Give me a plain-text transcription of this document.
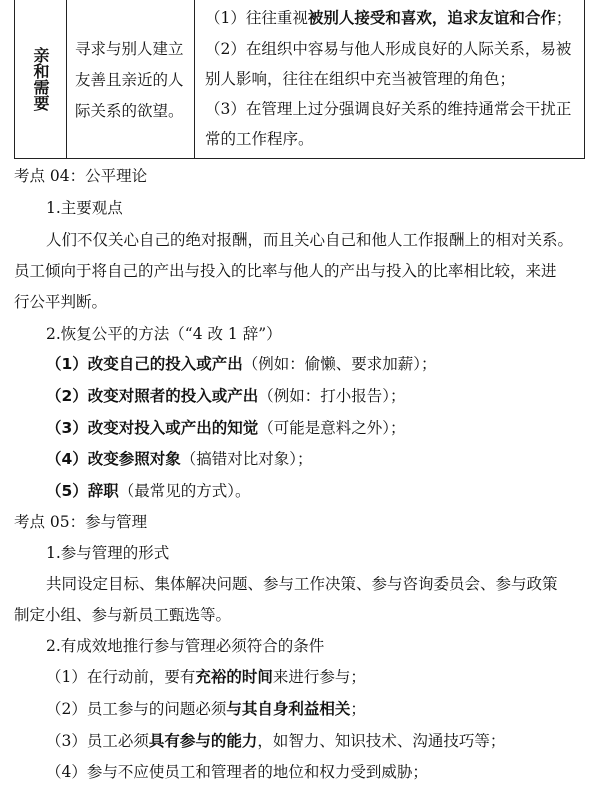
亲和需要 寻求与别人建立
友善且亲近的人
际关系的欲望。
（1）往往重视被别人接受和喜欢，追求友谊和合作；
（2）在组织中容易与他人形成良好的人际关系，易被
别人影响，往往在组织中充当被管理的角色；
（3）在管理上过分强调良好关系的维持通常会干扰正
常的工作程序。
考点 04：公平理论
1.主要观点
人们不仅关心自己的绝对报酬，而且关心自己和他人工作报酬上的相对关系。
员工倾向于将自己的产出与投入的比率与他人的产出与投入的比率相比较，来进
行公平判断。
2.恢复公平的方法（“4 改 1 辞”）
（1）改变自己的投入或产出（例如：偷懒、要求加薪）；
（2）改变对照者的投入或产出（例如：打小报告）；
（3）改变对投入或产出的知觉（可能是意料之外）；
（4）改变参照对象（搞错对比对象）；
（5）辞职（最常见的方式）。
考点 05：参与管理
1.参与管理的形式
共同设定目标、集体解决问题、参与工作决策、参与咨询委员会、参与政策
制定小组、参与新员工甄选等。
2.有成效地推行参与管理必须符合的条件
（1）在行动前，要有充裕的时间来进行参与；
（2）员工参与的问题必须与其自身利益相关；
（3）员工必须具有参与的能力，如智力、知识技术、沟通技巧等；
（4）参与不应使员工和管理者的地位和权力受到威胁；
